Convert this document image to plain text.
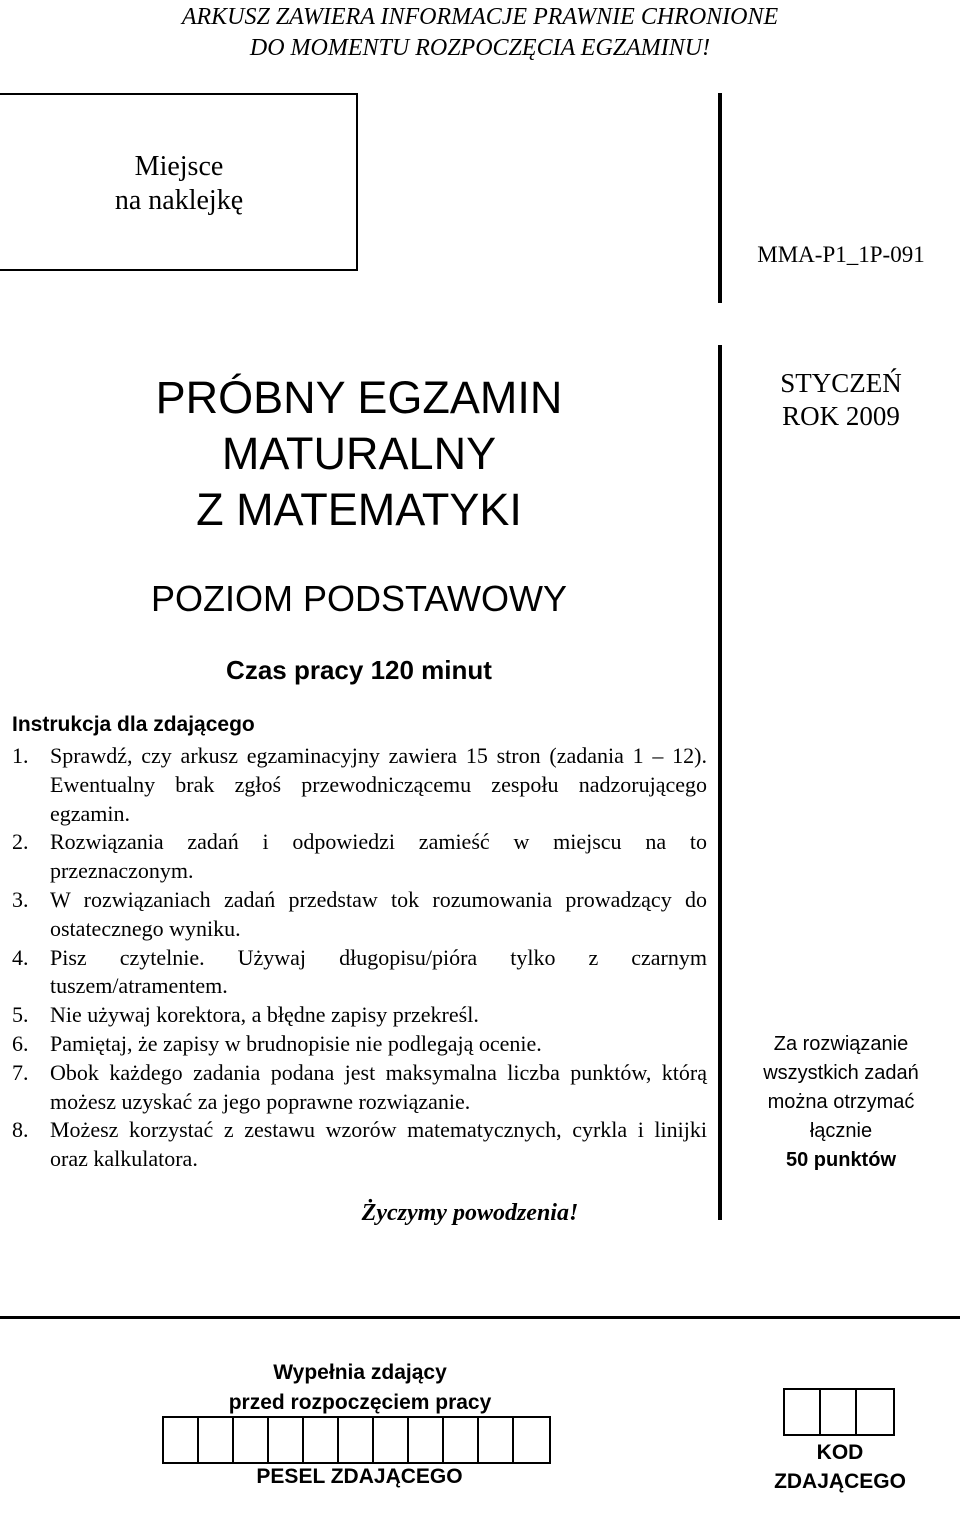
ARKUSZ ZAWIERA INFORMACJE PRAWNIE CHRONIONE
DO MOMENTU ROZPOCZĘCIA EGZAMINU!
Miejsce
na naklejkę
MMA-P1_1P-091
STYCZEŃ
ROK 2009
PRÓBNY EGZAMIN
MATURALNY
Z MATEMATYKI
POZIOM PODSTAWOWY
Czas pracy 120 minut
Instrukcja dla zdającego
1. Sprawdź, czy arkusz egzaminacyjny zawiera 15 stron (zadania 1 – 12). Ewentualny brak zgłoś przewodniczącemu zespołu nadzorującego egzamin.
2. Rozwiązania zadań i odpowiedzi zamieść w miejscu na to przeznaczonym.
3. W rozwiązaniach zadań przedstaw tok rozumowania prowadzący do ostatecznego wyniku.
4. Pisz czytelnie. Używaj długopisu/pióra tylko z czarnym tuszem/atramentem.
5. Nie używaj korektora, a błędne zapisy przekreśl.
6. Pamiętaj, że zapisy w brudnopisie nie podlegają ocenie.
7. Obok każdego zadania podana jest maksymalna liczba punktów, którą możesz uzyskać za jego poprawne rozwiązanie.
8. Możesz korzystać z zestawu wzorów matematycznych, cyrkla i linijki oraz kalkulatora.
Za rozwiązanie
wszystkich zadań
można otrzymać
łącznie
50 punktów
Życzymy powodzenia!
Wypełnia zdający
przed rozpoczęciem pracy
PESEL ZDAJĄCEGO
KOD
ZDAJĄCEGO
